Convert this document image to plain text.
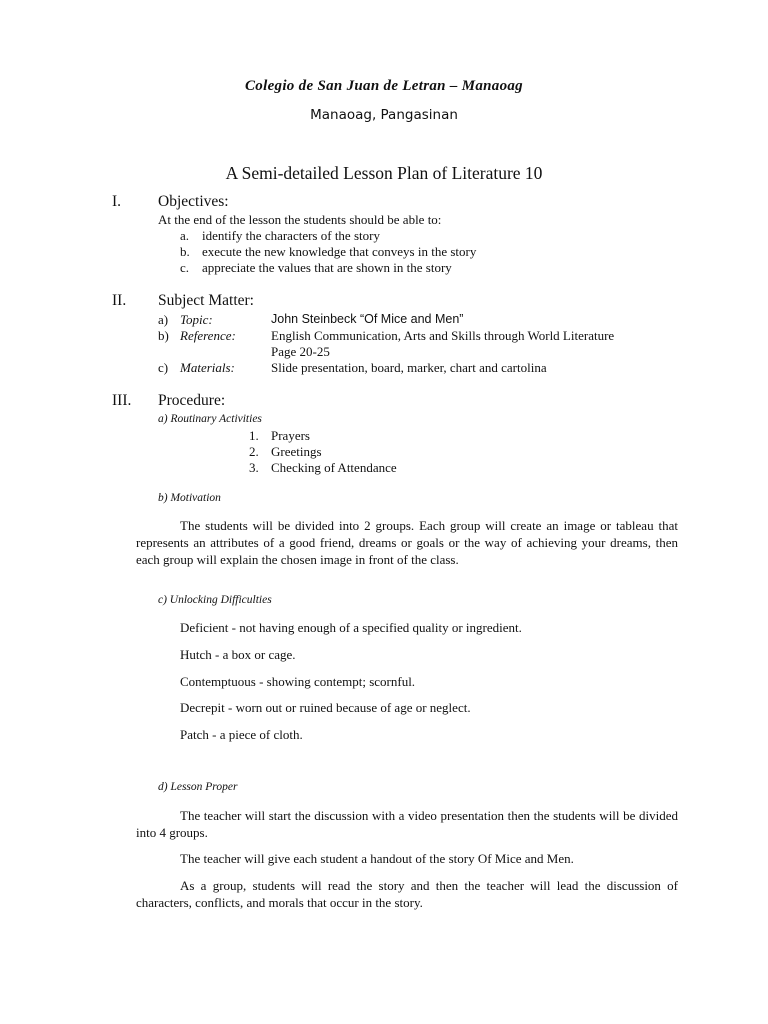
Colegio de San Juan de Letran – Manaoag
Manaoag, Pangasinan
A Semi-detailed Lesson Plan of Literature 10
I. Objectives:
At the end of the lesson the students should be able to:
a. identify the characters of the story
b. execute the new knowledge that conveys in the story
c. appreciate the values that are shown in the story
II. Subject Matter:
a) Topic:	John Steinbeck “Of Mice and Men”
b) Reference:	English Communication, Arts and Skills through World Literature
Page 20-25
c) Materials:	Slide presentation, board, marker, chart and cartolina
III. Procedure:
a) Routinary Activities
1. Prayers
2. Greetings
3. Checking of Attendance
b) Motivation
The students will be divided into 2 groups. Each group will create an image or tableau that represents an attributes of a good friend, dreams or goals or the way of achieving your dreams, then each group will explain the chosen image in front of the class.
c) Unlocking Difficulties
Deficient - not having enough of a specified quality or ingredient.
Hutch - a box or cage.
Contemptuous - showing contempt; scornful.
Decrepit - worn out or ruined because of age or neglect.
Patch - a piece of cloth.
d) Lesson Proper
The teacher will start the discussion with a video presentation then the students will be divided into 4 groups.
The teacher will give each student a handout of the story Of Mice and Men.
As a group, students will read the story and then the teacher will lead the discussion of characters, conflicts, and morals that occur in the story.
